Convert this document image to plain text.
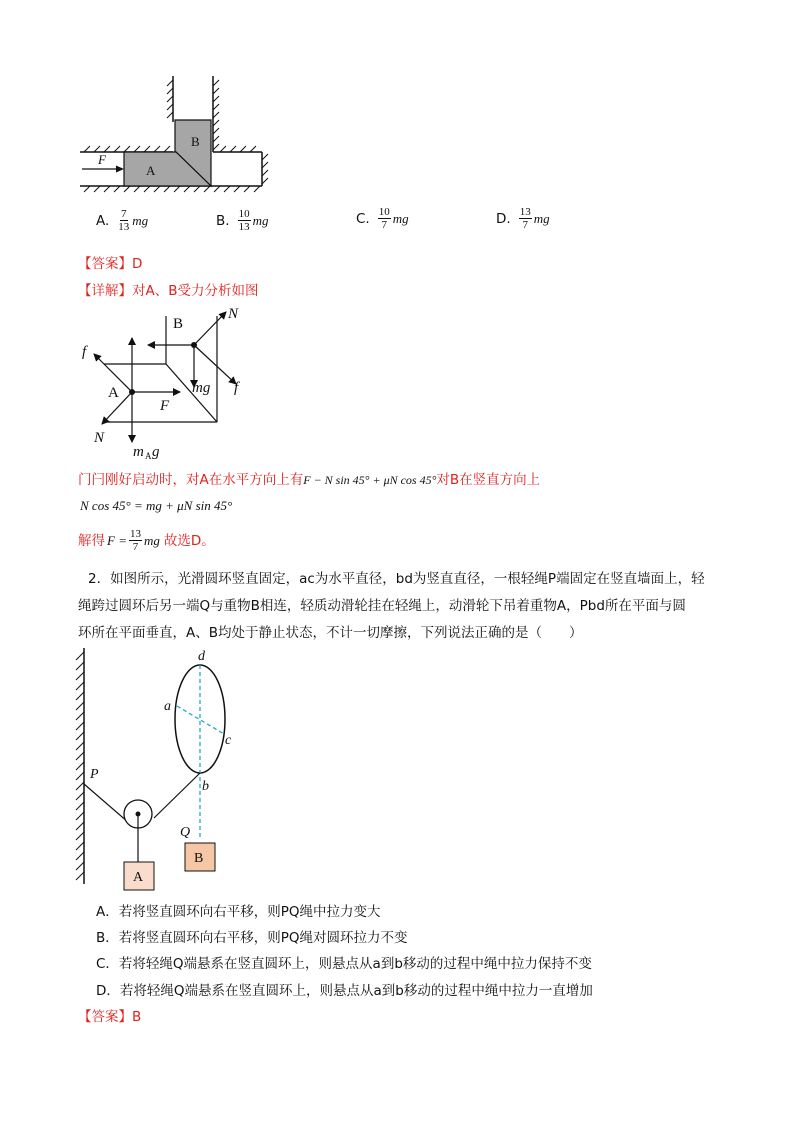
F
A
B
A. $\frac{7}{13}$ mg	B. $\frac{10}{13}$ mg	C. $\frac{10}{7}$ mg	D. $\frac{13}{7}$ mg
【答案】D
【详解】对A、B受力分析如图
B
N
f
A	mg f
F
N
m A g
门闩刚好启动时，对A在水平方向上有F − N sin 45° + μN cos 45°对B在竖直方向上
N cos 45° = mg + μN sin 45°
解得 $F = \frac{13}{7}$ mg 故选D。
2．如图所示，光滑圆环竖直固定，ac为水平直径，bd为竖直直径，一根轻绳P端固定在竖直墙面上，轻
绳跨过圆环后另一端Q与重物B相连，轻质动滑轮挂在轻绳上，动滑轮下吊着重物A，Pbd所在平面与圆
环所在平面垂直，A、B均处于静止状态，不计一切摩擦，下列说法正确的是（　　）
d
a
c
b
P
Q
A
B
A．若将竖直圆环向右平移，则PQ绳中拉力变大
B．若将竖直圆环向右平移，则PQ绳对圆环拉力不变
C．若将轻绳Q端悬系在竖直圆环上，则悬点从a到b移动的过程中绳中拉力保持不变
D．若将轻绳Q端悬系在竖直圆环上，则悬点从a到b移动的过程中绳中拉力一直增加
【答案】B
